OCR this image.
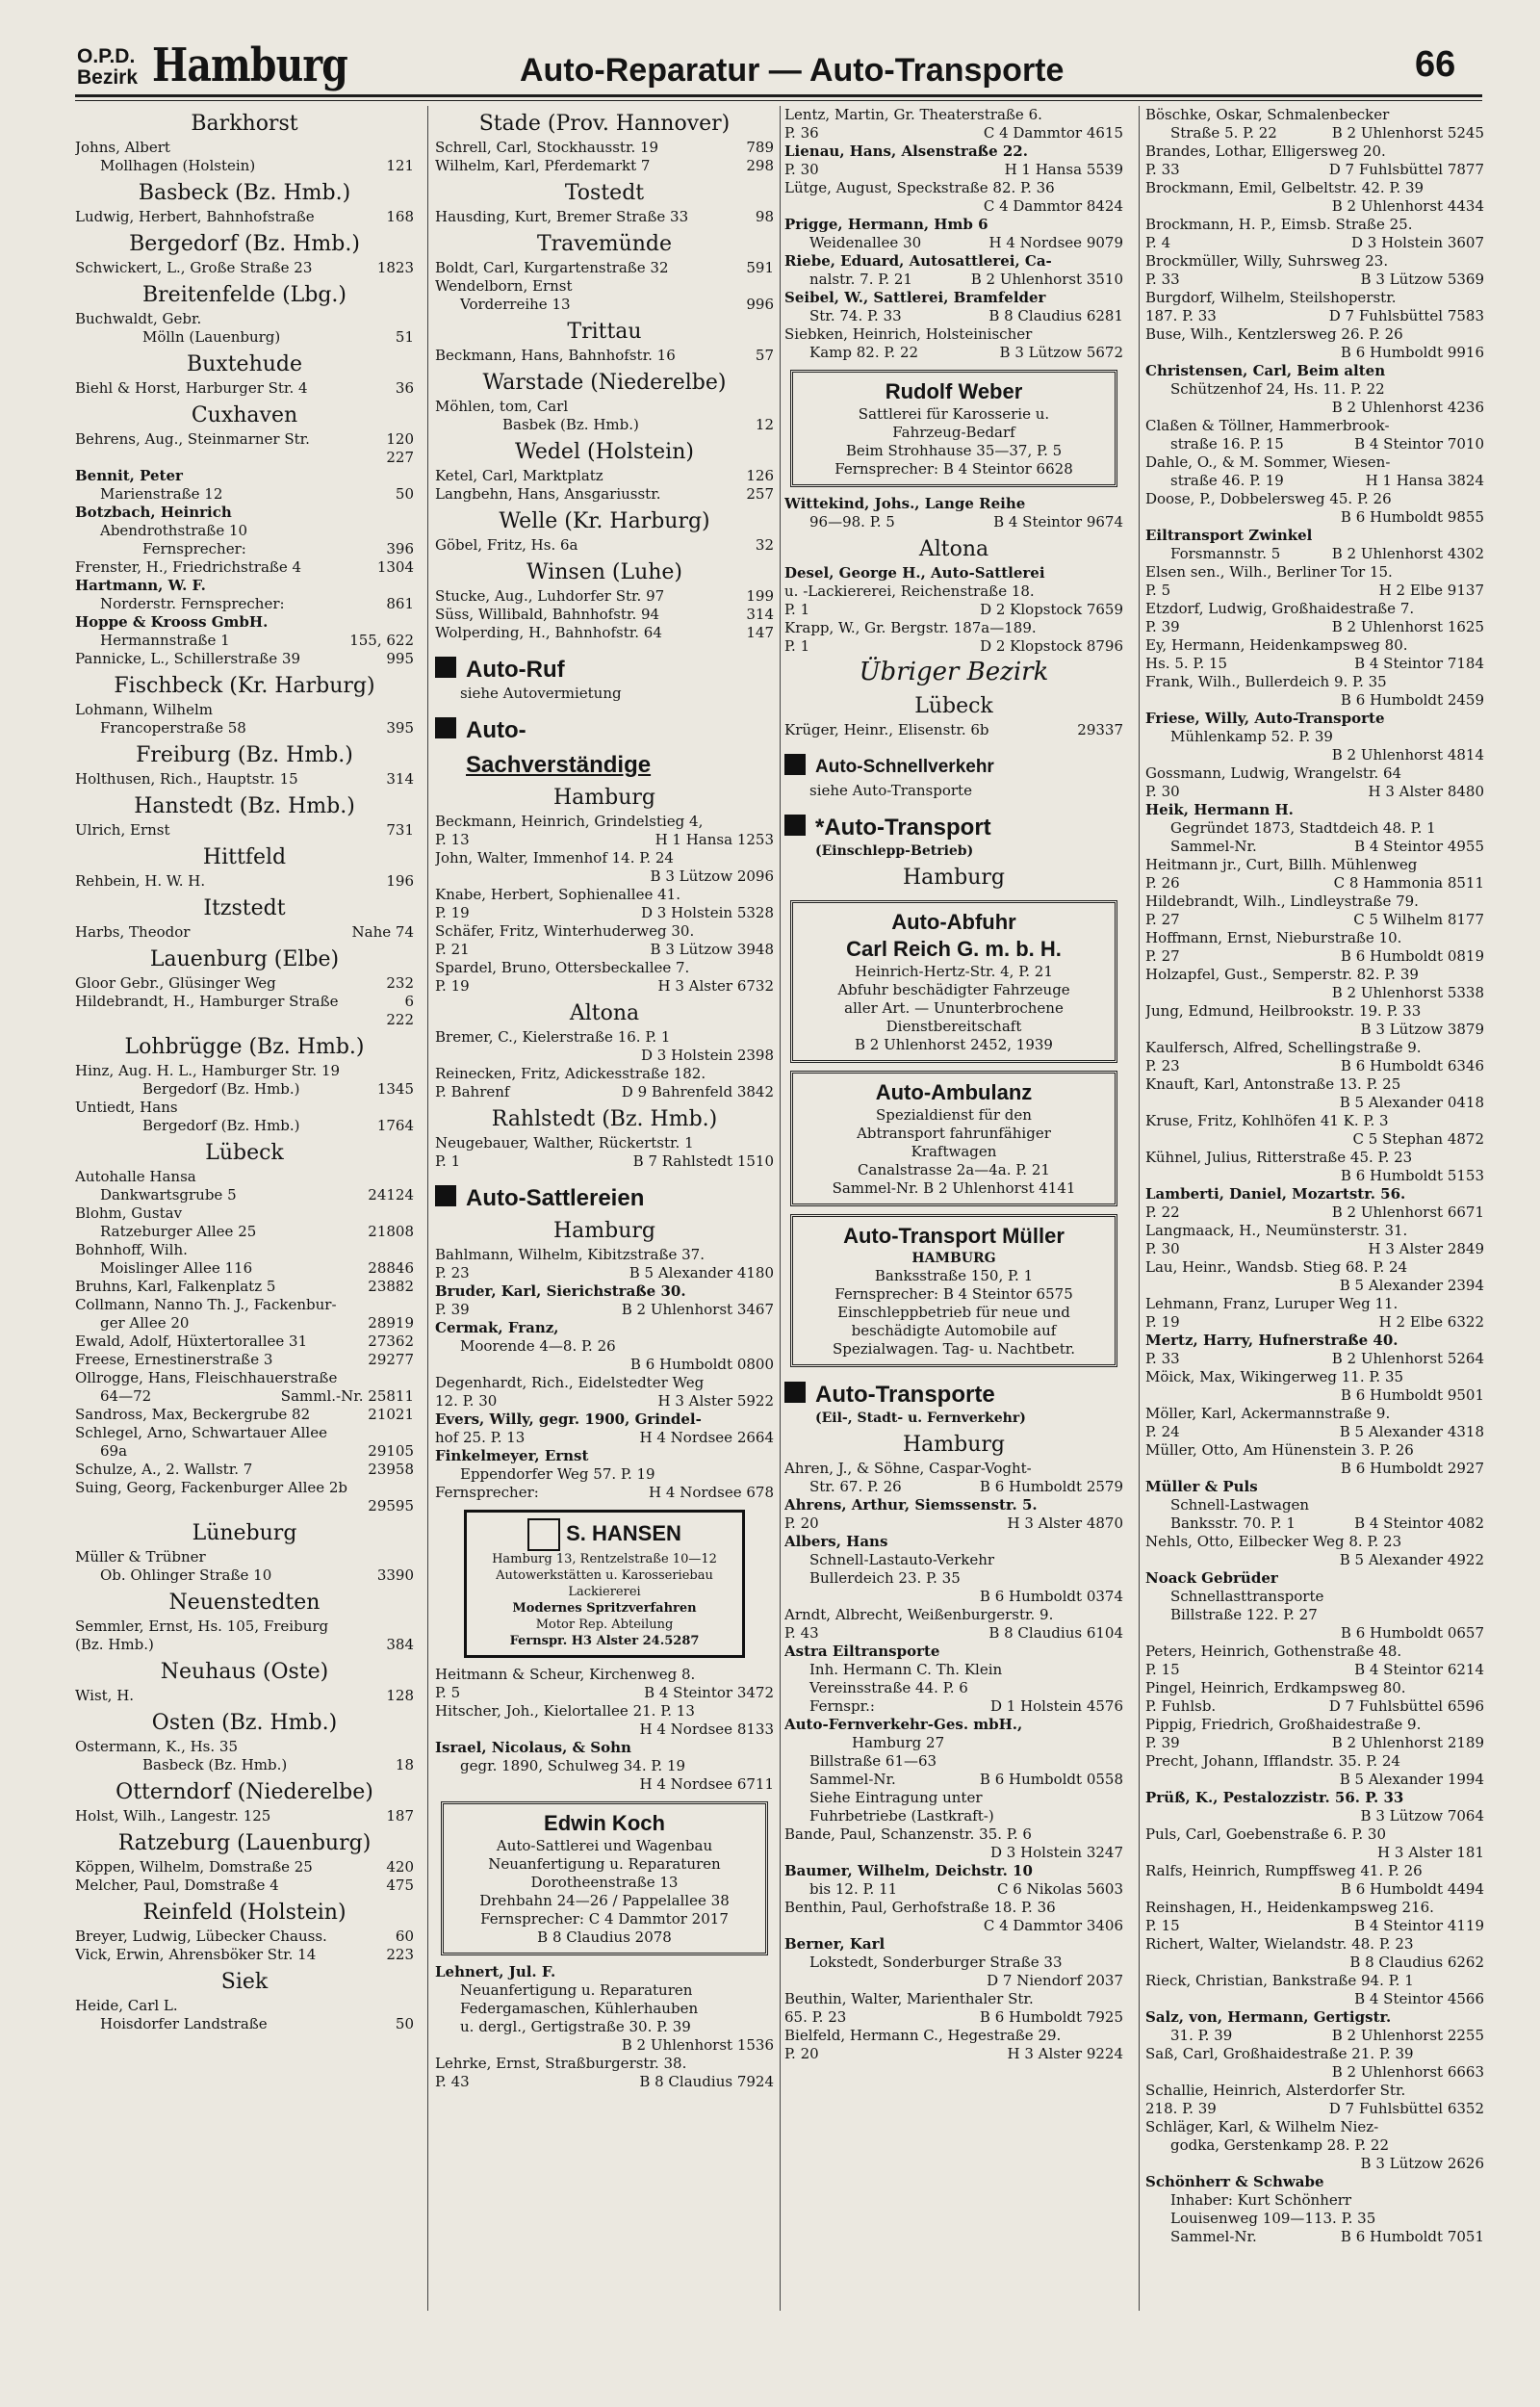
O.P.D.
Bezirk Hamburg	Auto-Reparatur — Auto-Transporte	66
Barkhorst
Johns, Albert
121
Mollhagen (Holstein)
Basbeck (Bz. Hmb.)
168
Ludwig, Herbert, Bahnhofstraße
Bergedorf (Bz. Hmb.)
1823
Schwickert, L., Große Straße 23
Breitenfelde (Lbg.)
Buchwaldt, Gebr.
51
Mölln (Lauenburg)
Buxtehude
36
Biehl & Horst, Harburger Str. 4
Cuxhaven
120
Behrens, Aug., Steinmarner Str.
227
Bennit, Peter
50
Marienstraße 12
Botzbach, Heinrich
Abendrothstraße 10
396
Fernsprecher:
1304
Frenster, H., Friedrichstraße 4
Hartmann, W. F.
861
Norderstr. Fernsprecher:
Hoppe & Krooss GmbH.
155, 622
Hermannstraße 1
995
Pannicke, L., Schillerstraße 39
Fischbeck (Kr. Harburg)
Lohmann, Wilhelm
395
Francoperstraße 58
Freiburg (Bz. Hmb.)
314
Holthusen, Rich., Hauptstr. 15
Hanstedt (Bz. Hmb.)
731
Ulrich, Ernst
Hittfeld
196
Rehbein, H. W. H.
Itzstedt
Nahe 74
Harbs, Theodor
Lauenburg (Elbe)
232
Gloor Gebr., Glüsinger Weg
6
Hildebrandt, H., Hamburger Straße
222
Lohbrügge (Bz. Hmb.)
Hinz, Aug. H. L., Hamburger Str. 19
1345
Bergedorf (Bz. Hmb.)
Untiedt, Hans
1764
Bergedorf (Bz. Hmb.)
Lübeck
Autohalle Hansa
24124
Dankwartsgrube 5
Blohm, Gustav
21808
Ratzeburger Allee 25
Bohnhoff, Wilh.
28846
Moislinger Allee 116
23882
Bruhns, Karl, Falkenplatz 5
Collmann, Nanno Th. J., Fackenbur-
28919
ger Allee 20
27362
Ewald, Adolf, Hüxtertorallee 31
29277
Freese, Ernestinerstraße 3
Ollrogge, Hans, Fleischhauerstraße
Samml.-Nr. 25811
64—72
21021
Sandross, Max, Beckergrube 82
Schlegel, Arno, Schwartauer Allee
29105
69a
23958
Schulze, A., 2. Wallstr. 7
Suing, Georg, Fackenburger Allee 2b
29595
Lüneburg
Müller & Trübner
3390
Ob. Ohlinger Straße 10
Neuenstedten
Semmler, Ernst, Hs. 105, Freiburg
384
(Bz. Hmb.)
Neuhaus (Oste)
128
Wist, H.
Osten (Bz. Hmb.)
Ostermann, K., Hs. 35
18
Basbeck (Bz. Hmb.)
Otterndorf (Niederelbe)
187
Holst, Wilh., Langestr. 125
Ratzeburg (Lauenburg)
420
Köppen, Wilhelm, Domstraße 25
475
Melcher, Paul, Domstraße 4
Reinfeld (Holstein)
60
Breyer, Ludwig, Lübecker Chauss.
223
Vick, Erwin, Ahrensböker Str. 14
Siek
Heide, Carl L.
50
Hoisdorfer Landstraße
Stade (Prov. Hannover)
789
Schrell, Carl, Stockhausstr. 19
298
Wilhelm, Karl, Pferdemarkt 7
Tostedt
98
Hausding, Kurt, Bremer Straße 33
Travemünde
591
Boldt, Carl, Kurgartenstraße 32
Wendelborn, Ernst
996
Vorderreihe 13
Trittau
57
Beckmann, Hans, Bahnhofstr. 16
Warstade (Niederelbe)
Möhlen, tom, Carl
12
Basbek (Bz. Hmb.)
Wedel (Holstein)
126
Ketel, Carl, Marktplatz
257
Langbehn, Hans, Ansgariusstr.
Welle (Kr. Harburg)
32
Göbel, Fritz, Hs. 6a
Winsen (Luhe)
199
Stucke, Aug., Luhdorfer Str. 97
314
Süss, Willibald, Bahnhofstr. 94
147
Wolperding, H., Bahnhofstr. 64
Auto-Ruf
siehe Autovermietung
Auto-
Sachverständige
Hamburg
Beckmann, Heinrich, Grindelstieg 4,
H 1 Hansa 1253
P. 13
John, Walter, Immenhof 14. P. 24
B 3 Lützow 2096
Knabe, Herbert, Sophienallee 41.
D 3 Holstein 5328
P. 19
Schäfer, Fritz, Winterhuderweg 30.
B 3 Lützow 3948
P. 21
Spardel, Bruno, Ottersbeckallee 7.
H 3 Alster 6732
P. 19
Altona
Bremer, C., Kielerstraße 16. P. 1
D 3 Holstein 2398
Reinecken, Fritz, Adickesstraße 182.
D 9 Bahrenfeld 3842
P. Bahrenf
Rahlstedt (Bz. Hmb.)
Neugebauer, Walther, Rückertstr. 1
B 7 Rahlstedt 1510
P. 1
Auto-Sattlereien
Hamburg
Bahlmann, Wilhelm, Kibitzstraße 37.
B 5 Alexander 4180
P. 23
Bruder, Karl, Sierichstraße 30.
B 2 Uhlenhorst 3467
P. 39
Cermak, Franz,
Moorende 4—8. P. 26
B 6 Humboldt 0800
Degenhardt, Rich., Eidelstedter Weg
H 3 Alster 5922
12. P. 30
Evers, Willy, gegr. 1900, Grindel-
H 4 Nordsee 2664
hof 25. P. 13
Finkelmeyer, Ernst
Eppendorfer Weg 57. P. 19
H 4 Nordsee 678
Fernsprecher:
S. HANSEN
Hamburg 13, Rentzelstraße 10—12
Autowerkstätten u. Karosseriebau
Lackiererei
Modernes Spritzverfahren
Motor Rep. Abteilung
Fernspr. H3 Alster 24.5287
Heitmann & Scheur, Kirchenweg 8.
B 4 Steintor 3472
P. 5
Hitscher, Joh., Kielortallee 21. P. 13
H 4 Nordsee 8133
Israel, Nicolaus, & Sohn
gegr. 1890, Schulweg 34. P. 19
H 4 Nordsee 6711
Edwin Koch
Auto-Sattlerei und Wagenbau
Neuanfertigung u. Reparaturen
Dorotheenstraße 13
Drehbahn 24—26 / Pappelallee 38
Fernsprecher: C 4 Dammtor 2017
B 8 Claudius 2078
Lehnert, Jul. F.
Neuanfertigung u. Reparaturen
Federgamaschen, Kühlerhauben
u. dergl., Gertigstraße 30. P. 39
B 2 Uhlenhorst 1536
Lehrke, Ernst, Straßburgerstr. 38.
B 8 Claudius 7924
P. 43
Lentz, Martin, Gr. Theaterstraße 6.
C 4 Dammtor 4615
P. 36
Lienau, Hans, Alsenstraße 22.
H 1 Hansa 5539
P. 30
Lütge, August, Speckstraße 82. P. 36
C 4 Dammtor 8424
Prigge, Hermann, Hmb 6
H 4 Nordsee 9079
Weidenallee 30
Riebe, Eduard, Autosattlerei, Ca-
B 2 Uhlenhorst 3510
nalstr. 7. P. 21
Seibel, W., Sattlerei, Bramfelder
B 8 Claudius 6281
Str. 74. P. 33
Siebken, Heinrich, Holsteinischer
B 3 Lützow 5672
Kamp 82. P. 22
Rudolf Weber
Sattlerei für Karosserie u.
Fahrzeug-Bedarf
Beim Strohhause 35—37, P. 5
Fernsprecher: B 4 Steintor 6628
Wittekind, Johs., Lange Reihe
B 4 Steintor 9674
96—98. P. 5
Altona
Desel, George H., Auto-Sattlerei
u. -Lackiererei, Reichenstraße 18.
D 2 Klopstock 7659
P. 1
Krapp, W., Gr. Bergstr. 187a—189.
D 2 Klopstock 8796
P. 1
Übriger Bezirk
Lübeck
29337
Krüger, Heinr., Elisenstr. 6b
Auto-Schnellverkehr
siehe Auto-Transporte
*Auto-Transport
(Einschlepp-Betrieb)
Hamburg
Auto-Abfuhr
Carl Reich G. m. b. H.
Heinrich-Hertz-Str. 4, P. 21
Abfuhr beschädigter Fahrzeuge
aller Art. — Ununterbrochene
Dienstbereitschaft
B 2 Uhlenhorst 2452, 1939
Auto-Ambulanz
Spezialdienst für den
Abtransport fahrunfähiger
Kraftwagen
Canalstrasse 2a—4a. P. 21
Sammel-Nr. B 2 Uhlenhorst 4141
Auto-Transport Müller
HAMBURG
Banksstraße 150, P. 1
Fernsprecher: B 4 Steintor 6575
Einschleppbetrieb für neue und
beschädigte Automobile auf
Spezialwagen. Tag- u. Nachtbetr.
Auto-Transporte
(Eil-, Stadt- u. Fernverkehr)
Hamburg
Ahren, J., & Söhne, Caspar-Voght-
B 6 Humboldt 2579
Str. 67. P. 26
Ahrens, Arthur, Siemssenstr. 5.
H 3 Alster 4870
P. 20
Albers, Hans
Schnell-Lastauto-Verkehr
Bullerdeich 23. P. 35
B 6 Humboldt 0374
Arndt, Albrecht, Weißenburgerstr. 9.
B 8 Claudius 6104
P. 43
Astra Eiltransporte
Inh. Hermann C. Th. Klein
Vereinsstraße 44. P. 6
D 1 Holstein 4576
Fernspr.:
Auto-Fernverkehr-Ges. mbH.,
Hamburg 27
Billstraße 61—63
B 6 Humboldt 0558
Sammel-Nr.
Siehe Eintragung unter
Fuhrbetriebe (Lastkraft-)
Bande, Paul, Schanzenstr. 35. P. 6
D 3 Holstein 3247
Baumer, Wilhelm, Deichstr. 10
C 6 Nikolas 5603
bis 12. P. 11
Benthin, Paul, Gerhofstraße 18. P. 36
C 4 Dammtor 3406
Berner, Karl
Lokstedt, Sonderburger Straße 33
D 7 Niendorf 2037
Beuthin, Walter, Marienthaler Str.
B 6 Humboldt 7925
65. P. 23
Bielfeld, Hermann C., Hegestraße 29.
H 3 Alster 9224
P. 20
Böschke, Oskar, Schmalenbecker
B 2 Uhlenhorst 5245
Straße 5. P. 22
Brandes, Lothar, Elligersweg 20.
D 7 Fuhlsbüttel 7877
P. 33
Brockmann, Emil, Gelbeltstr. 42. P. 39
B 2 Uhlenhorst 4434
Brockmann, H. P., Eimsb. Straße 25.
D 3 Holstein 3607
P. 4
Brockmüller, Willy, Suhrsweg 23.
B 3 Lützow 5369
P. 33
Burgdorf, Wilhelm, Steilshoperstr.
D 7 Fuhlsbüttel 7583
187. P. 33
Buse, Wilh., Kentzlersweg 26. P. 26
B 6 Humboldt 9916
Christensen, Carl, Beim alten
Schützenhof 24, Hs. 11. P. 22
B 2 Uhlenhorst 4236
Claßen & Töllner, Hammerbrook-
B 4 Steintor 7010
straße 16. P. 15
Dahle, O., & M. Sommer, Wiesen-
H 1 Hansa 3824
straße 46. P. 19
Doose, P., Dobbelersweg 45. P. 26
B 6 Humboldt 9855
Eiltransport Zwinkel
B 2 Uhlenhorst 4302
Forsmannstr. 5
Elsen sen., Wilh., Berliner Tor 15.
H 2 Elbe 9137
P. 5
Etzdorf, Ludwig, Großhaidestraße 7.
B 2 Uhlenhorst 1625
P. 39
Ey, Hermann, Heidenkampsweg 80.
B 4 Steintor 7184
Hs. 5. P. 15
Frank, Wilh., Bullerdeich 9. P. 35
B 6 Humboldt 2459
Friese, Willy, Auto-Transporte
Mühlenkamp 52. P. 39
B 2 Uhlenhorst 4814
Gossmann, Ludwig, Wrangelstr. 64
H 3 Alster 8480
P. 30
Heik, Hermann H.
Gegründet 1873, Stadtdeich 48. P. 1
B 4 Steintor 4955
Sammel-Nr.
Heitmann jr., Curt, Billh. Mühlenweg
C 8 Hammonia 8511
P. 26
Hildebrandt, Wilh., Lindleystraße 79.
C 5 Wilhelm 8177
P. 27
Hoffmann, Ernst, Nieburstraße 10.
B 6 Humboldt 0819
P. 27
Holzapfel, Gust., Semperstr. 82. P. 39
B 2 Uhlenhorst 5338
Jung, Edmund, Heilbrookstr. 19. P. 33
B 3 Lützow 3879
Kaulfersch, Alfred, Schellingstraße 9.
B 6 Humboldt 6346
P. 23
Knauft, Karl, Antonstraße 13. P. 25
B 5 Alexander 0418
Kruse, Fritz, Kohlhöfen 41 K. P. 3
C 5 Stephan 4872
Kühnel, Julius, Ritterstraße 45. P. 23
B 6 Humboldt 5153
Lamberti, Daniel, Mozartstr. 56.
B 2 Uhlenhorst 6671
P. 22
Langmaack, H., Neumünsterstr. 31.
H 3 Alster 2849
P. 30
Lau, Heinr., Wandsb. Stieg 68. P. 24
B 5 Alexander 2394
Lehmann, Franz, Luruper Weg 11.
H 2 Elbe 6322
P. 19
Mertz, Harry, Hufnerstraße 40.
B 2 Uhlenhorst 5264
P. 33
Möick, Max, Wikingerweg 11. P. 35
B 6 Humboldt 9501
Möller, Karl, Ackermannstraße 9.
B 5 Alexander 4318
P. 24
Müller, Otto, Am Hünenstein 3. P. 26
B 6 Humboldt 2927
Müller & Puls
Schnell-Lastwagen
B 4 Steintor 4082
Banksstr. 70. P. 1
Nehls, Otto, Eilbecker Weg 8. P. 23
B 5 Alexander 4922
Noack Gebrüder
Schnellasttransporte
Billstraße 122. P. 27
B 6 Humboldt 0657
Peters, Heinrich, Gothenstraße 48.
B 4 Steintor 6214
P. 15
Pingel, Heinrich, Erdkampsweg 80.
D 7 Fuhlsbüttel 6596
P. Fuhlsb.
Pippig, Friedrich, Großhaidestraße 9.
B 2 Uhlenhorst 2189
P. 39
Precht, Johann, Ifflandstr. 35. P. 24
B 5 Alexander 1994
Prüß, K., Pestalozzistr. 56. P. 33
B 3 Lützow 7064
Puls, Carl, Goebenstraße 6. P. 30
H 3 Alster 181
Ralfs, Heinrich, Rumpffsweg 41. P. 26
B 6 Humboldt 4494
Reinshagen, H., Heidenkampsweg 216.
B 4 Steintor 4119
P. 15
Richert, Walter, Wielandstr. 48. P. 23
B 8 Claudius 6262
Rieck, Christian, Bankstraße 94. P. 1
B 4 Steintor 4566
Salz, von, Hermann, Gertigstr.
B 2 Uhlenhorst 2255
31. P. 39
Saß, Carl, Großhaidestraße 21. P. 39
B 2 Uhlenhorst 6663
Schallie, Heinrich, Alsterdorfer Str.
D 7 Fuhlsbüttel 6352
218. P. 39
Schläger, Karl, & Wilhelm Niez-
godka, Gerstenkamp 28. P. 22
B 3 Lützow 2626
Schönherr & Schwabe
Inhaber: Kurt Schönherr
Louisenweg 109—113. P. 35
B 6 Humboldt 7051
Sammel-Nr.
